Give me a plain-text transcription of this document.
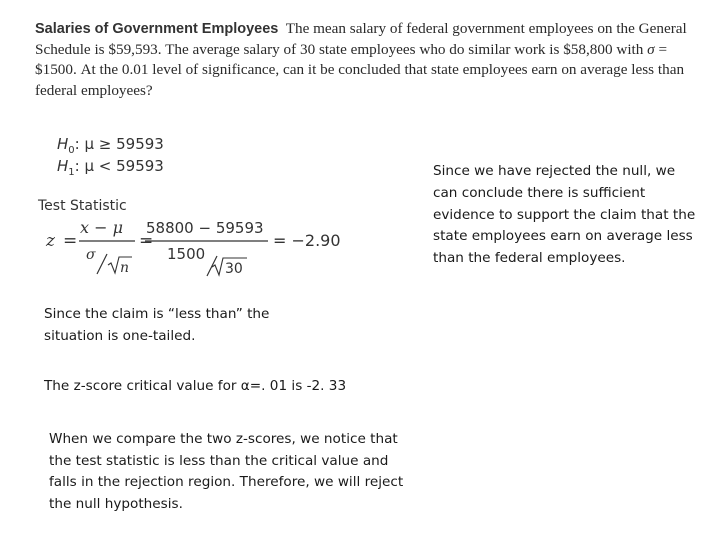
Salaries of Government Employees The mean salary of federal government employees on the General Schedule is $59,593. The average salary of 30 state employees who do similar work is $58,800 with σ = $1500. At the 0.01 level of significance, can it be concluded that state employees earn on average less than federal employees?
$H_0$: μ ≥ 59593
$H_1$: μ < 59593
Test Statistic
z =
x − μ
σ
n
=
58800 − 59593
1500
30
= −2.90
Since the claim is “less than” the situation is one-tailed.
The z-score critical value for α=. 01 is -2. 33
When we compare the two z-scores, we notice that the test statistic is less than the critical value and falls in the rejection region. Therefore, we will reject the null hypothesis.
Since we have rejected the null, we can conclude there is sufficient evidence to support the claim that the state employees earn on average less than the federal employees.
